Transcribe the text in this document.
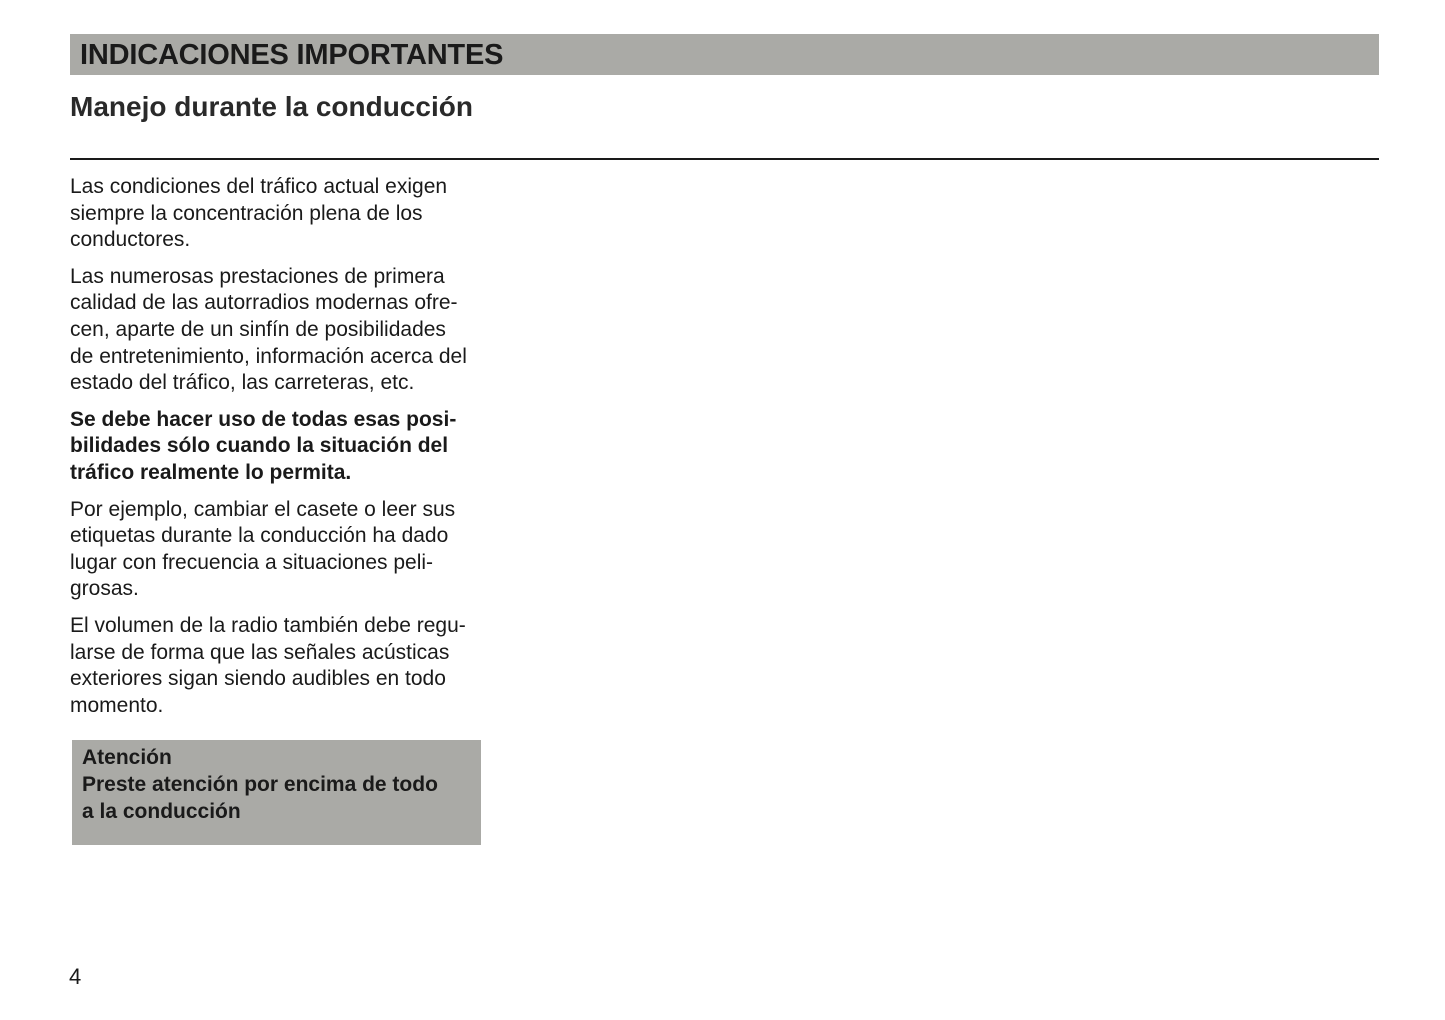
INDICACIONES IMPORTANTES
Manejo durante la conducción

Las condiciones del tráfico actual exigen
siempre la concentración plena de los
conductores.

Las numerosas prestaciones de primera
calidad de las autorradios modernas ofre-
cen, aparte de un sinfín de posibilidades
de entretenimiento, información acerca del
estado del tráfico, las carreteras, etc.

Se debe hacer uso de todas esas posi-
bilidades sólo cuando la situación del
tráfico realmente lo permita.

Por ejemplo, cambiar el casete o leer sus
etiquetas durante la conducción ha dado
lugar con frecuencia a situaciones peli-
grosas.

El volumen de la radio también debe regu-
larse de forma que las señales acústicas
exteriores sigan siendo audibles en todo
momento.

Atención

Preste atención por encima de todo
a la conducción

4
